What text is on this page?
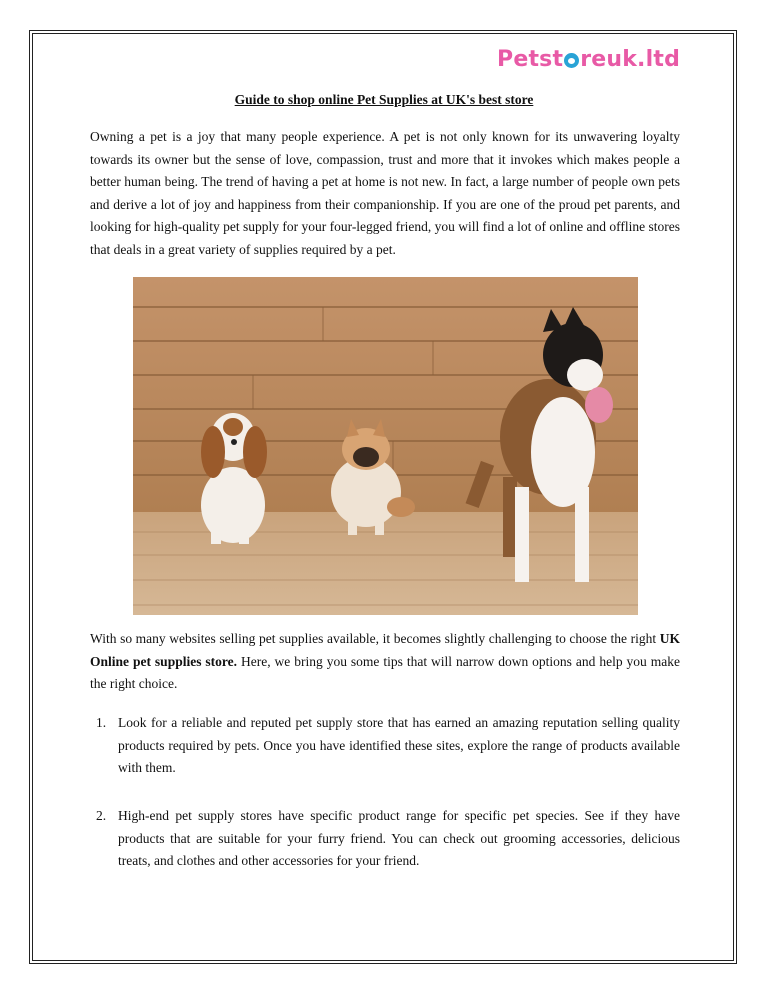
Petst reuk.ltd
Guide to shop online Pet Supplies at UK's best store

Owning a pet is a joy that many people experience. A pet is not only known for its unwavering loyalty towards its owner but the sense of love, compassion, trust and more that it invokes which makes people a better human being. The trend of having a pet at home is not new. In fact, a large number of people own pets and derive a lot of joy and happiness from their companionship. If you are one of the proud pet parents, and looking for high-quality pet supply for your four-legged friend, you will find a lot of online and offline stores that deals in a great variety of supplies required by a pet.

With so many websites selling pet supplies available, it becomes slightly challenging to choose the right UK Online pet supplies store. Here, we bring you some tips that will narrow down options and help you make the right choice.

1. Look for a reliable and reputed pet supply store that has earned an amazing reputation selling quality products required by pets. Once you have identified these sites, explore the range of products available with them.
2. High-end pet supply stores have specific product range for specific pet species. See if they have products that are suitable for your furry friend. You can check out grooming accessories, delicious treats, and clothes and other accessories for your friend.
